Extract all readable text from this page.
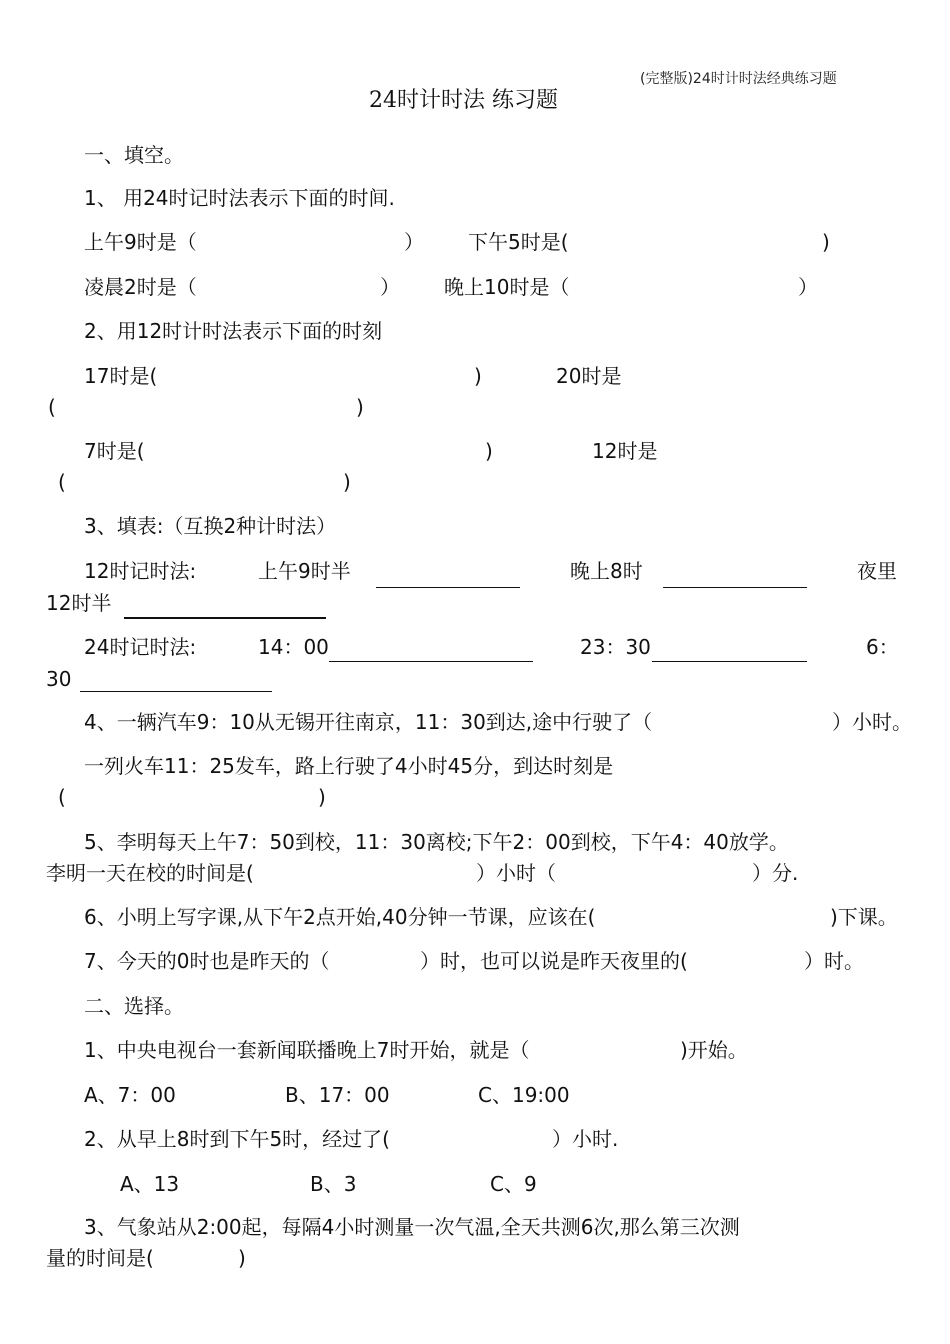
(完整版)24时计时法经典练习题
24时计时法 练习题
一、填空。
1、 用24时记时法表示下面的时间.
上午9时是（	） 下午5时是(	)
凌晨2时是（	） 晚上10时是（	）
2、用12时计时法表示下面的时刻
17时是(	)	20时是
(	)
7时是(	)	12时是
(	)
3、填表:（互换2种计时法）
12时记时法:	上午9时半	晚上8时	夜里
12时半
24时记时法:	14：00	23：30	6：
30
4、一辆汽车9：10从无锡开往南京，11：30到达,途中行驶了（	）小时。
一列火车11：25发车，路上行驶了4小时45分，到达时刻是
(	)
5、李明每天上午7：50到校，11：30离校;下午2：00到校，下午4：40放学。
李明一天在校的时间是(	）小时（	）分.
6、小明上写字课,从下午2点开始,40分钟一节课，应该在(	)下课。
7、今天的0时也是昨天的（	）时，也可以说是昨天夜里的(	）时。
二、选择。
1、中央电视台一套新闻联播晚上7时开始，就是（	)开始。
A、7：00	B、17：00	C、19:00
2、从早上8时到下午5时，经过了(	）小时.
A、13	B、3	C、9
3、气象站从2:00起，每隔4小时测量一次气温,全天共测6次,那么第三次测
量的时间是(	)
